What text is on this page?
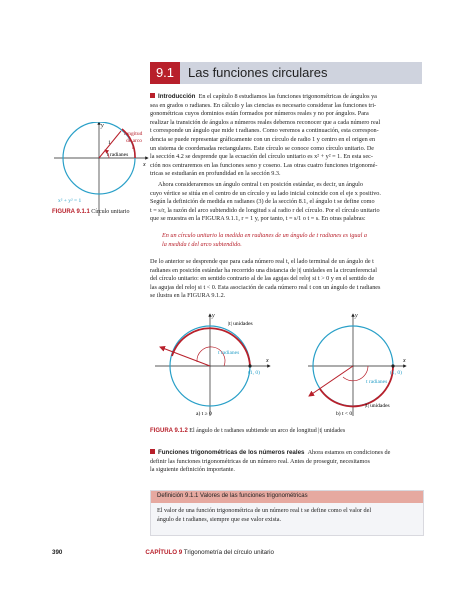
9.1	Las funciones circulares
Introducción En el capítulo 8 estudiamos las funciones trigonométricas de ángulos ya
sea en grados o radianes. En cálculo y las ciencias es necesario considerar las funciones tri-
gonométricas cuyos dominios están formados por números reales y no por ángulos. Para
realizar la transición de ángulos a números reales debemos reconocer que a cada número real
t corresponde un ángulo que mide t radianes. Como veremos a continuación, esta correspon-
dencia se puede representar gráficamente con un círculo de radio 1 y centro en el origen en
un sistema de coordenadas rectangulares. Este círculo se conoce como círculo unitario. De
la sección 4.2 se desprende que la ecuación del círculo unitario es x² + y² = 1. En esta sec-
ción nos centraremos en las funciones seno y coseno. Las otras cuatro funciones trigonomé-
tricas se estudiarán en profundidad en la sección 9.3.
Ahora consideraremos un ángulo central t en posición estándar, es decir, un ángulo
cuyo vértice se sitúa en el centro de un círculo y su lado inicial coincide con el eje x positivo.
Según la definición de medida en radianes (3) de la sección 8.1, el ángulo t se define como
t = s/r, la razón del arco subtendido de longitud s al radio r del círculo. Por el círculo unitario
que se muestra en la FIGURA 9.1.1, r = 1 y, por tanto, t = s/1 o t = s. En otras palabras:
En un círculo unitario la medida en radianes de un ángulo de t radianes es igual a
la medida t del arco subtendido.
De lo anterior se desprende que para cada número real t, el lado terminal de un ángulo de t
radianes en posición estándar ha recorrido una distancia de |t| unidades en la circunferencial
del círculo unitario: en sentido contrario al de las agujas del reloj si t > 0 y en el sentido de
las agujas del reloj si t < 0. Esta asociación de cada número real t con un ángulo de t radianes
se ilustra en la FIGURA 9.1.2.
y
x
t radianes
1
longitud
de arco
t
x² + y² = 1
FIGURA 9.1.1 Círculo unitario
y
x
|t| unidades
t radianes
(1, 0)
a) t ≥ 0
y
x
t radianes
(1, 0)
|t| unidades
b) t < 0
FIGURA 9.1.2 El ángulo de t radianes subtiende un arco de longitud |t| unidades
Funciones trigonométricas de los números reales Ahora estamos en condiciones de
definir las funciones trigonométricas de un número real. Antes de proseguir, necesitamos
la siguiente definición importante.
Definición 9.1.1 Valores de las funciones trigonométricas
El valor de una función trigonométrica de un número real t se define como el valor del
ángulo de t radianes, siempre que ese valor exista.
390	CAPÍTULO 9 Trigonometría del círculo unitario
